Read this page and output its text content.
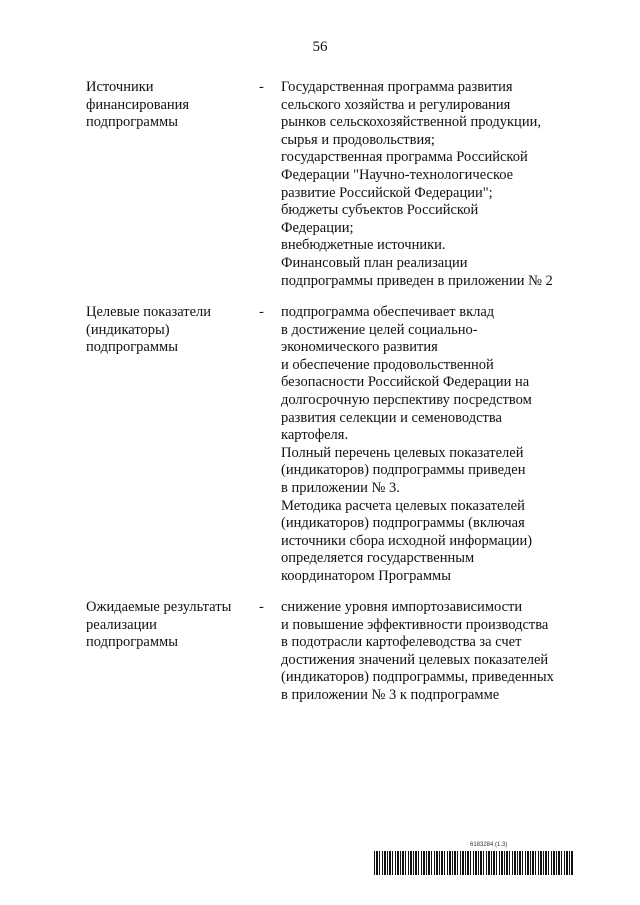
56
Источники
финансирования
подпрограммы
- Государственная программа развития
сельского хозяйства и регулирования
рынков сельскохозяйственной продукции,
сырья и продовольствия;
государственная программа Российской
Федерации "Научно-технологическое
развитие Российской Федерации";
бюджеты субъектов Российской
Федерации;
внебюджетные источники.
Финансовый план реализации
подпрограммы приведен в приложении № 2
Целевые показатели
(индикаторы)
подпрограммы
- подпрограмма обеспечивает вклад
в достижение целей социально-
экономического развития
и обеспечение продовольственной
безопасности Российской Федерации на
долгосрочную перспективу посредством
развития селекции и семеноводства
картофеля.
Полный перечень целевых показателей
(индикаторов) подпрограммы приведен
в приложении № 3.
Методика расчета целевых показателей
(индикаторов) подпрограммы (включая
источники сбора исходной информации)
определяется государственным
координатором Программы
Ожидаемые результаты
реализации
подпрограммы
- снижение уровня импортозависимости
и повышение эффективности производства
в подотрасли картофелеводства за счет
достижения значений целевых показателей
(индикаторов) подпрограммы, приведенных
в приложении № 3 к подпрограмме
6183284 (1.3)
